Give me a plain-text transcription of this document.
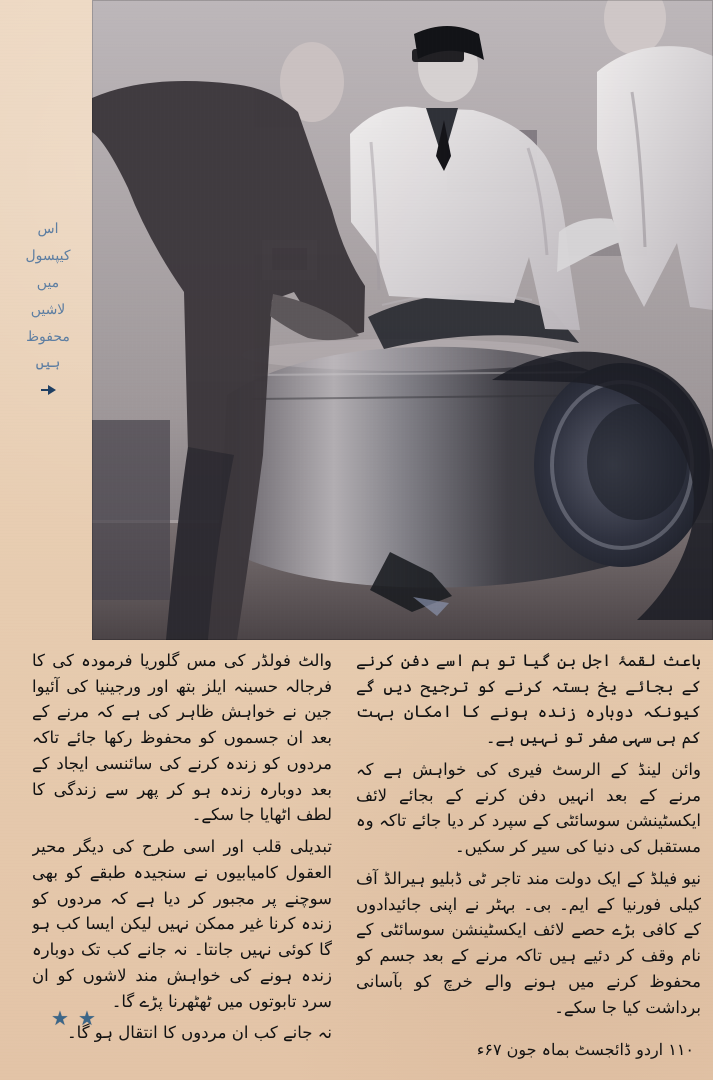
اس
کیپسول
میں
لاشیں
محفوظ
ہیں

باعث لقمۂ اجل بن گیا تو ہم اسے دفن کرنے کے بجائے یخ بستہ کرنے کو ترجیح دیں گے کیونکہ دوبارہ زندہ ہونے کا امکان بہت کم ہی سہی صفر تو نہیں ہے۔

وائن لینڈ کے الرسٹ فیری کی خواہش ہے کہ مرنے کے بعد انہیں دفن کرنے کے بجائے لائف ایکسٹینشن سوسائٹی کے سپرد کر دیا جائے تاکہ وہ مستقبل کی دنیا کی سیر کر سکیں۔

نیو فیلڈ کے ایک دولت مند تاجر ٹی ڈبلیو ہیرالڈ آف کیلی فورنیا کے ایم۔ بی۔ بہٹر نے اپنی جائیدادوں کے کافی بڑے حصے لائف ایکسٹینشن سوسائٹی کے نام وقف کر دئیے ہیں تاکہ مرنے کے بعد جسم کو محفوظ کرنے میں ہونے والے خرچ کو بآسانی برداشت کیا جا سکے۔

والٹ فولڈر کی مس گلوریا فرمودہ کی کا فرجالہ حسینہ ایلز بتھ اور ورجینیا کی آئیوا جین نے خواہش ظاہر کی ہے کہ مرنے کے بعد ان جسموں کو محفوظ رکھا جائے تاکہ مردوں کو زندہ کرنے کی سائنسی ایجاد کے بعد دوبارہ زندہ ہو کر پھر سے زندگی کا لطف اٹھایا جا سکے۔

تبدیلی قلب اور اسی طرح کی دیگر محیر العقول کامیابیوں نے سنجیدہ طبقے کو بھی سوچنے پر مجبور کر دیا ہے کہ مردوں کو زندہ کرنا غیر ممکن نہیں لیکن ایسا کب ہو گا کوئی نہیں جانتا۔ نہ جانے کب تک دوبارہ زندہ ہونے کی خواہش مند لاشوں کو ان سرد تابوتوں میں ٹھٹھرنا پڑے گا۔

نہ جانے کب ان مردوں کا انتقال ہو گا۔

★ ★
۱۱۰ اردو ڈائجسٹ بماہ جون ۶۷ء
